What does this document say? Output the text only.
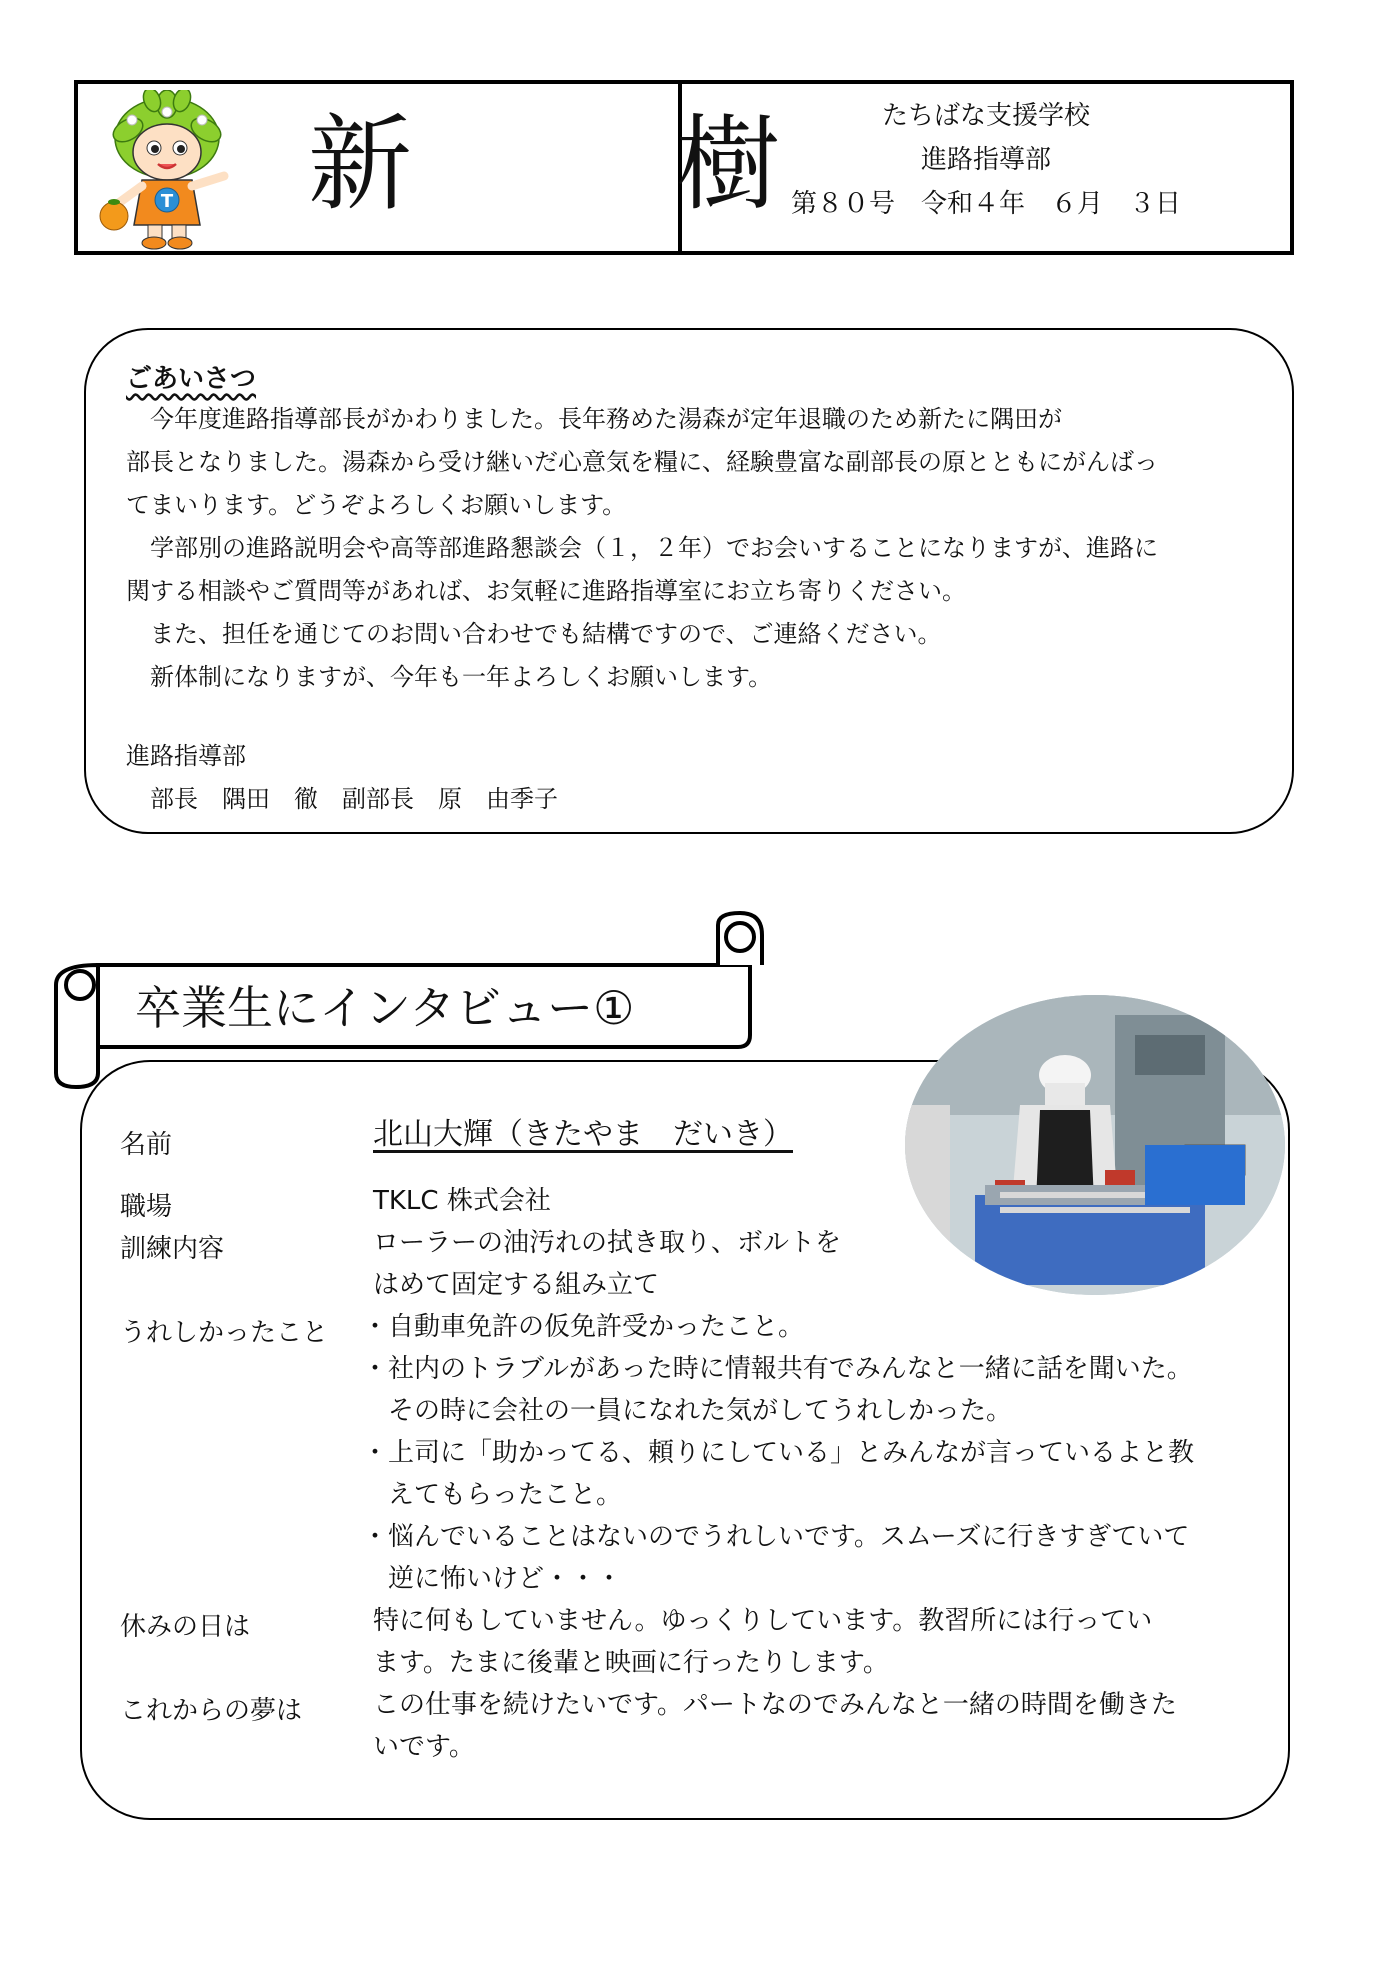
T 新　樹 たちばな支援学校
進路指導部
第８０号　令和４年　６月　３日
ごあいさつ

　今年度進路指導部長がかわりました。長年務めた湯森が定年退職のため新たに隅田が

部長となりました。湯森から受け継いだ心意気を糧に、経験豊富な副部長の原とともにがんばっ

てまいります。どうぞよろしくお願いします。

　学部別の進路説明会や高等部進路懇談会（１，２年）でお会いすることになりますが、進路に

関する相談やご質問等があれば、お気軽に進路指導室にお立ち寄りください。

　また、担任を通じてのお問い合わせでも結構ですので、ご連絡ください。

　新体制になりますが、今年も一年よろしくお願いします。

進路指導部

　部長　隅田　徹　副部長　原　由季子

卒業生にインタビュー①
名前	北山大輝（きたやま　だいき）
職場	TKLC 株式会社
訓練内容	ローラーの油汚れの拭き取り、ボルトを

はめて固定する組み立て

うれしかったこと ・自動車免許の仮免許受かったこと。

・社内のトラブルがあった時に情報共有でみんなと一緒に話を聞いた。

　その時に会社の一員になれた気がしてうれしかった。

・上司に「助かってる、頼りにしている」とみんなが言っているよと教

　えてもらったこと。

・悩んでいることはないのでうれしいです。スムーズに行きすぎていて

　逆に怖いけど・・・

休みの日は	特に何もしていません。ゆっくりしています。教習所には行ってい

ます。たまに後輩と映画に行ったりします。

これからの夢は	この仕事を続けたいです。パートなのでみんなと一緒の時間を働きた

いです。
